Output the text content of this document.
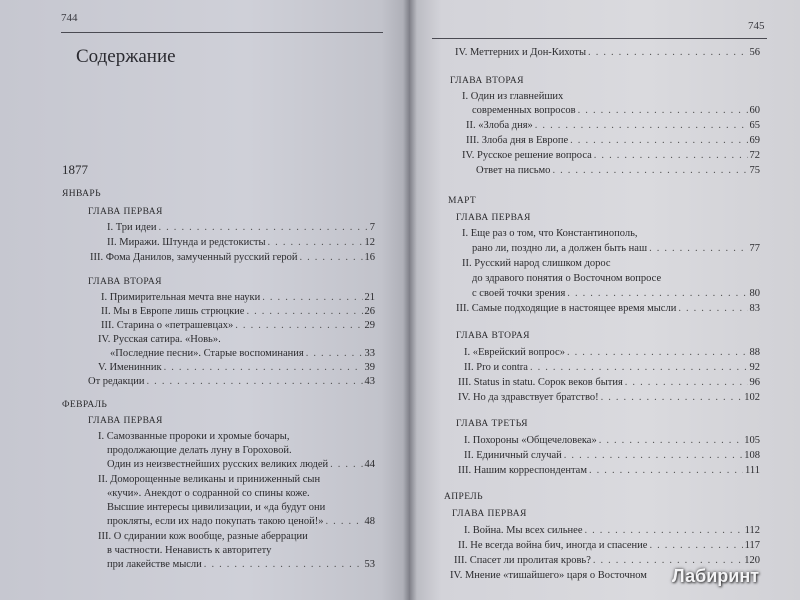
744
Содержание
1877
ЯНВАРЬ
ГЛАВА ПЕРВАЯ
I. Три идеи . . .	7
II. Миражи. Штунда и редстокисты . . .	12
III. Фома Данилов, замученный русский герой . . .	16
ГЛАВА ВТОРАЯ
I. Примирительная мечта вне науки . . .	21
II. Мы в Европе лишь стрюцкие . . .	26
III. Старина о «петрашевцах» . . .	29
IV. Русская сатира. «Новь».
«Последние песни». Старые воспоминания . . .	33
V. Именинник . . .	39
От редакции . . .	43
ФЕВРАЛЬ
ГЛАВА ПЕРВАЯ
I. Самозванные пророки и хромые бочары,
продолжающие делать луну в Гороховой.
Один из неизвестнейших русских великих людей . . .	44
II. Доморощенные великаны и приниженный сын
«кучи». Анекдот о содранной со спины коже.
Высшие интересы цивилизации, и «да будут они
прокляты, если их надо покупать такою ценой!» . . .	48
III. О сдирании кож вообще, разные аберрации
в частности. Ненависть к авторитету
при лакействе мысли . . .	53
745
IV. Меттерних и Дон-Кихоты . . .	56
ГЛАВА ВТОРАЯ
I. Один из главнейших
современных вопросов . . .	60
II. «Злоба дня» . . .	65
III. Злоба дня в Европе . . .	69
IV. Русское решение вопроса . . .	72
Ответ на письмо . . .	75
МАРТ
ГЛАВА ПЕРВАЯ
I. Еще раз о том, что Константинополь,
рано ли, поздно ли, а должен быть наш . . .	77
II. Русский народ слишком дорос
до здравого понятия о Восточном вопросе
с своей точки зрения . . .	80
III. Самые подходящие в настоящее время мысли . . .	83
ГЛАВА ВТОРАЯ
I. «Еврейский вопрос» . . .	88
II. Pro и contra . . .	92
III. Status in statu. Сорок веков бытия . . .	96
IV. Но да здравствует братство! . . .	102
ГЛАВА ТРЕТЬЯ
I. Похороны «Общечеловека» . . .	105
II. Единичный случай . . .	108
III. Нашим корреспондентам . . .	111
АПРЕЛЬ
ГЛАВА ПЕРВАЯ
I. Война. Мы всех сильнее . . .	112
II. Не всегда война бич, иногда и спасение . . .	117
III. Спасет ли пролитая кровь? . . .	120
IV. Мнение «тишайшего» царя о Восточном Лабиринт
